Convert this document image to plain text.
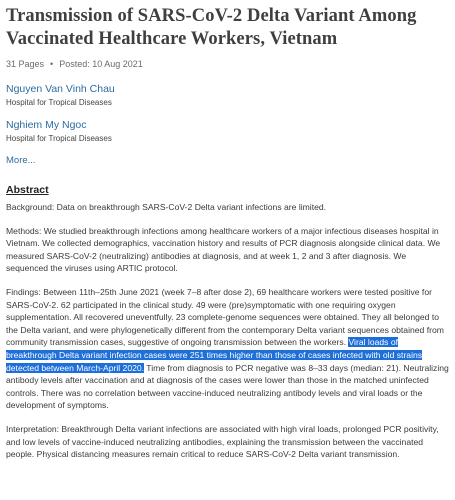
Transmission of SARS-CoV-2 Delta Variant Among Vaccinated Healthcare Workers, Vietnam
31 Pages • Posted: 10 Aug 2021
Nguyen Van Vinh Chau
Hospital for Tropical Diseases
Nghiem My Ngoc
Hospital for Tropical Diseases
More...
Abstract

Background: Data on breakthrough SARS-CoV-2 Delta variant infections are limited.

Methods: We studied breakthrough infections among healthcare workers of a major infectious diseases hospital in Vietnam. We collected demographics, vaccination history and results of PCR diagnosis alongside clinical data. We measured SARS-CoV-2 (neutralizing) antibodies at diagnosis, and at week 1, 2 and 3 after diagnosis. We sequenced the viruses using ARTIC protocol.

Findings: Between 11th–25th June 2021 (week 7–8 after dose 2), 69 healthcare workers were tested positive for SARS-CoV-2. 62 participated in the clinical study. 49 were (pre)symptomatic with one requiring oxygen supplementation. All recovered uneventfully. 23 complete-genome sequences were obtained. They all belonged to the Delta variant, and were phylogenetically different from the contemporary Delta variant sequences obtained from community transmission cases, suggestive of ongoing transmission between the workers. Viral loads of breakthrough Delta variant infection cases were 251 times higher than those of cases infected with old strains detected between March-April 2020. Time from diagnosis to PCR negative was 8–33 days (median: 21). Neutralizing antibody levels after vaccination and at diagnosis of the cases were lower than those in the matched uninfected controls. There was no correlation between vaccine-induced neutralizing antibody levels and viral loads or the development of symptoms.

Interpretation: Breakthrough Delta variant infections are associated with high viral loads, prolonged PCR positivity, and low levels of vaccine-induced neutralizing antibodies, explaining the transmission between the vaccinated people. Physical distancing measures remain critical to reduce SARS-CoV-2 Delta variant transmission.
